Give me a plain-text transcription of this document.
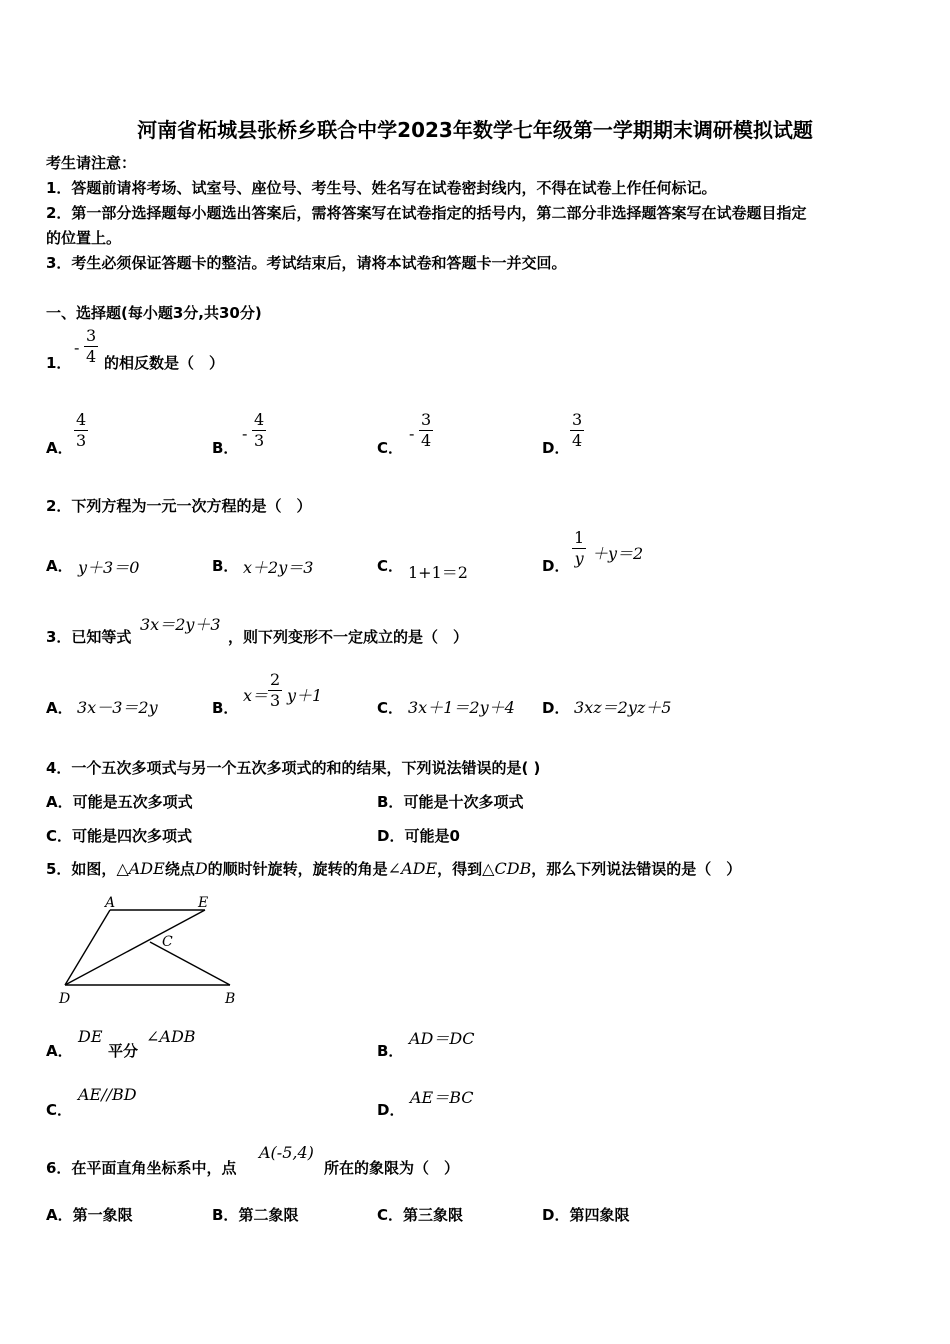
河南省柘城县张桥乡联合中学2023年数学七年级第一学期期末调研模拟试题
考生请注意：
1．答题前请将考场、试室号、座位号、考生号、姓名写在试卷密封线内，不得在试卷上作任何标记。
2．第一部分选择题每小题选出答案后，需将答案写在试卷指定的括号内，第二部分非选择题答案写在试卷题目指定
的位置上。
3．考生必须保证答题卡的整洁。考试结束后，请将本试卷和答题卡一并交回。
一、选择题(每小题3分,共30分)
1．
- $\frac{3}{4}$ 的相反数是（　）
A． $\frac{4}{3}$	B．
- $\frac{4}{3}$	C．
- $\frac{3}{4}$	D． $\frac{3}{4}$
2．下列方程为一元一次方程的是（　）
A． y＋3＝0	B． x＋2y＝3	C． 1+1＝2	D． $\frac{1}{y} +y=2$
3．已知等式
3x＝2y＋3
，则下列变形不一定成立的是（　）
A． 3x－3＝2y	B．
$x= \frac{2}{3} y+1$
C． 3x＋1＝2y＋4 D． 3xz＝2yz＋5
4．一个五次多项式与另一个五次多项式的和的结果，下列说法错误的是( )
A．可能是五次多项式	B．可能是十次多项式
C．可能是四次多项式	D．可能是0
5．如图，△ADE绕点D的顺时针旋转，旋转的角是∠ADE，得到△CDB，那么下列说法错误的是（　）
A	E
C
D	B
A．
DE
平分
∠ADB
B．
AD＝DC
C．
AE//BD
D．
AE＝BC
6．在平面直角坐标系中，点
A(-5,4)
所在的象限为（　）
A．第一象限	B．第二象限	C．第三象限	D．第四象限
